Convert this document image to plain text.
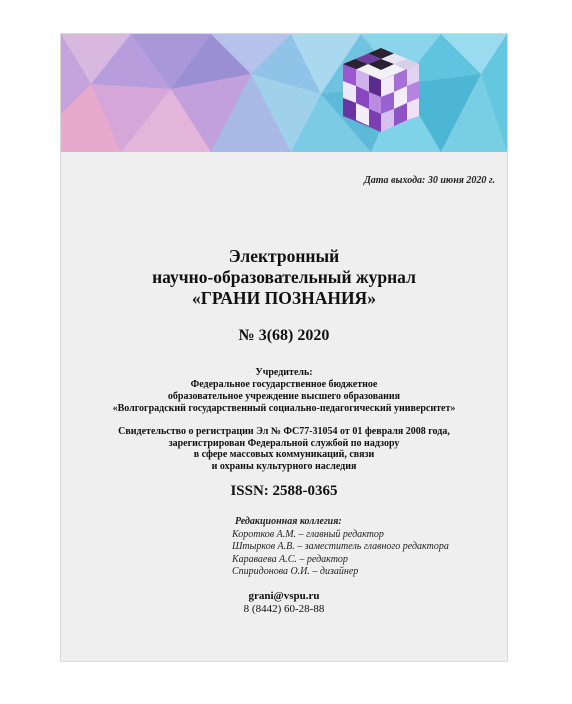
Дата выхода: 30 июня 2020 г.
Электронный
научно-образовательный журнал
«ГРАНИ ПОЗНАНИЯ»
№ 3(68) 2020
Учредитель:
Федеральное государственное бюджетное
образовательное учреждение высшего образования
«Волгоградский государственный социально-педагогический университет»
Свидетельство о регистрации Эл № ФС77-31054 от 01 февраля 2008 года,
зарегистрирован Федеральной службой по надзору
в сфере массовых коммуникаций, связи
и охраны культурного наследия
ISSN: 2588-0365
Редакционная коллегия:
Коротков А.М. – главный редактор
Штырков А.В. – заместитель главного редактора
Караваева А.С. – редактор
Спиридонова О.И. – дизайнер
grani@vspu.ru
8 (8442) 60-28-88
